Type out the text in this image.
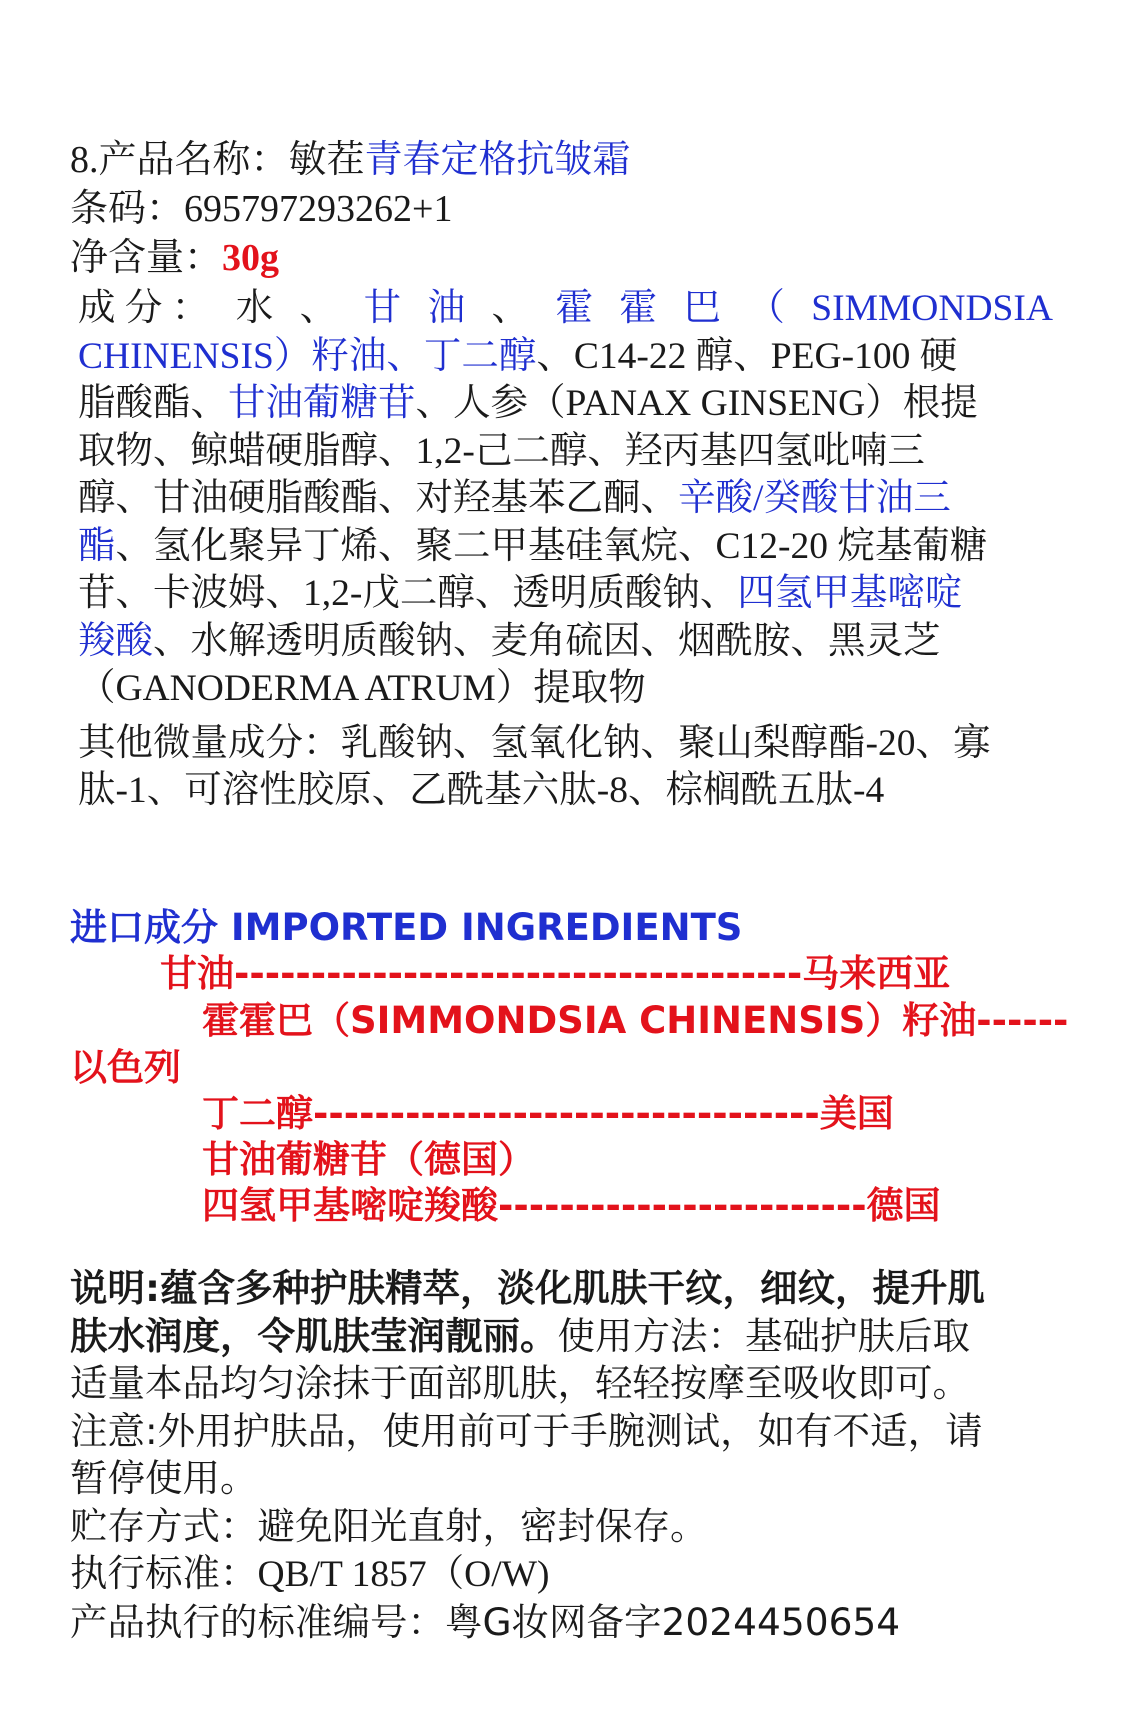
8.产品名称：敏茬青春定格抗皱霜
条码：695797293262+1
净含量：30g
成 分 ： 水 、 甘 油 、 霍 霍 巴 （ SIMMONDSIA
CHINENSIS）籽油、丁二醇、C14-22 醇、PEG-100 硬
脂酸酯、甘油葡糖苷、人参（PANAX GINSENG）根提
取物、鲸蜡硬脂醇、1,2-己二醇、羟丙基四氢吡喃三
醇、甘油硬脂酸酯、对羟基苯乙酮、辛酸/癸酸甘油三
酯、氢化聚异丁烯、聚二甲基硅氧烷、C12-20 烷基葡糖
苷、卡波姆、1,2-戊二醇、透明质酸钠、四氢甲基嘧啶
羧酸、水解透明质酸钠、麦角硫因、烟酰胺、黑灵芝
（GANODERMA ATRUM）提取物
其他微量成分：乳酸钠、氢氧化钠、聚山梨醇酯-20、寡
肽-1、可溶性胶原、乙酰基六肽-8、棕榈酰五肽-4
进口成分 IMPORTED INGREDIENTS
甘油-------------------------------------马来西亚
霍霍巴（SIMMONDSIA CHINENSIS）籽油------
以色列
丁二醇---------------------------------美国
甘油葡糖苷（德国）
四氢甲基嘧啶羧酸------------------------德国
说明:蕴含多种护肤精萃，淡化肌肤干纹，细纹，提升肌
肤水润度，令肌肤莹润靓丽。使用方法：基础护肤后取
适量本品均匀涂抹于面部肌肤，轻轻按摩至吸收即可。
注意:外用护肤品，使用前可于手腕测试，如有不适，请
暂停使用。
贮存方式：避免阳光直射，密封保存。
执行标准：QB/T 1857（O/W)
产品执行的标准编号：粤G妆网备字2024450654
